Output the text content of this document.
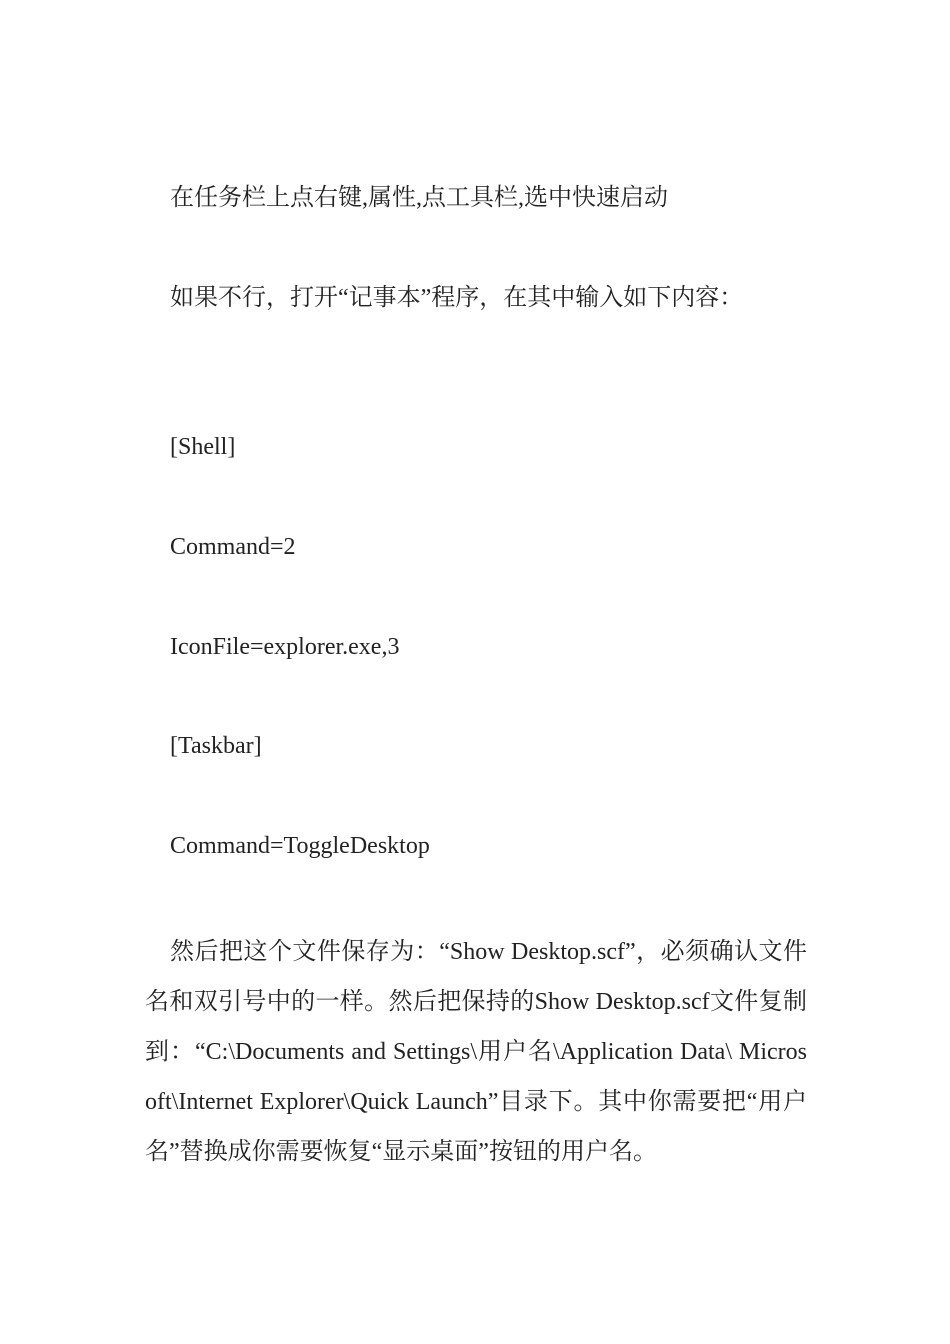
在任务栏上点右键,属性,点工具栏,选中快速启动
如果不行，打开“记事本”程序，在其中输入如下内容：
[Shell]
Command=2
IconFile=explorer.exe,3
[Taskbar]
Command=ToggleDesktop

然后把这个文件保存为：“Show Desktop.scf”，必须确认文件名和双引号中的一样。然后把保持的Show Desktop.scf文件复制到：“C:\Documents and Settings\用户名\Application Data\ Microsoft\Internet Explorer\Quick Launch”目录下。其中你需要把“用户名”替换成你需要恢复“显示桌面”按钮的用户名。
